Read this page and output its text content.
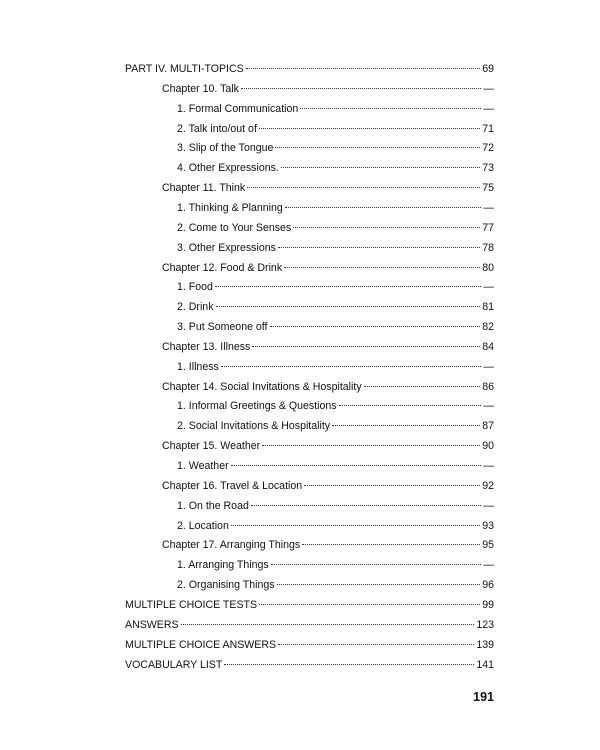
PART IV. MULTI-TOPICS	69
Chapter 10. Talk	—
1. Formal Communication	—
2. Talk into/out of	71
3. Slip of the Tongue	72
4. Other Expressions.	73
Chapter 11. Think	75
1. Thinking & Planning	—
2. Come to Your Senses	77
3. Other Expressions	78
Chapter 12. Food & Drink	80
1. Food	—
2. Drink	81
3. Put Someone off	82
Chapter 13. Illness	84
1. Illness	—
Chapter 14. Social Invitations & Hospitality	86
1. Informal Greetings & Questions	—
2. Social Invitations & Hospitality	87
Chapter 15. Weather	90
1. Weather	—
Chapter 16. Travel & Location	92
1. On the Road	—
2. Location	93
Chapter 17. Arranging Things	95
1. Arranging Things	—
2. Organising Things	96
MULTIPLE CHOICE TESTS	99
ANSWERS	123
MULTIPLE CHOICE ANSWERS	139
VOCABULARY LIST	141
191
